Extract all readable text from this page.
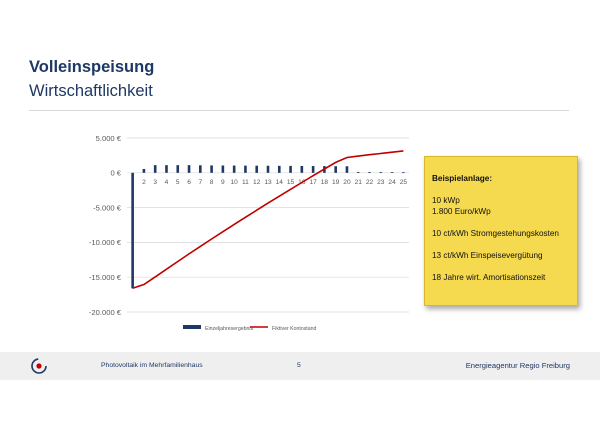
Volleinspeisung
Wirtschaftlichkeit
5.000 €
0 €
-5.000 €
-10.000 €
-15.000 €
-20.000 €
2 3 4 5 6 7 8 9 10 11 12 13 14 15 16 17 18 19 20 21 22 23 24 25
Einzeljahresergebnis	Fiktiver Kontostand
Beispielanlage:
10 kWp
1.800 Euro/kWp
10 ct/kWh Stromgestehungskosten
13 ct/kWh Einspeisevergütung
18 Jahre wirt. Amortisationszeit
Photovoltaik im Mehrfamilienhaus	5	Energieagentur Regio Freiburg
